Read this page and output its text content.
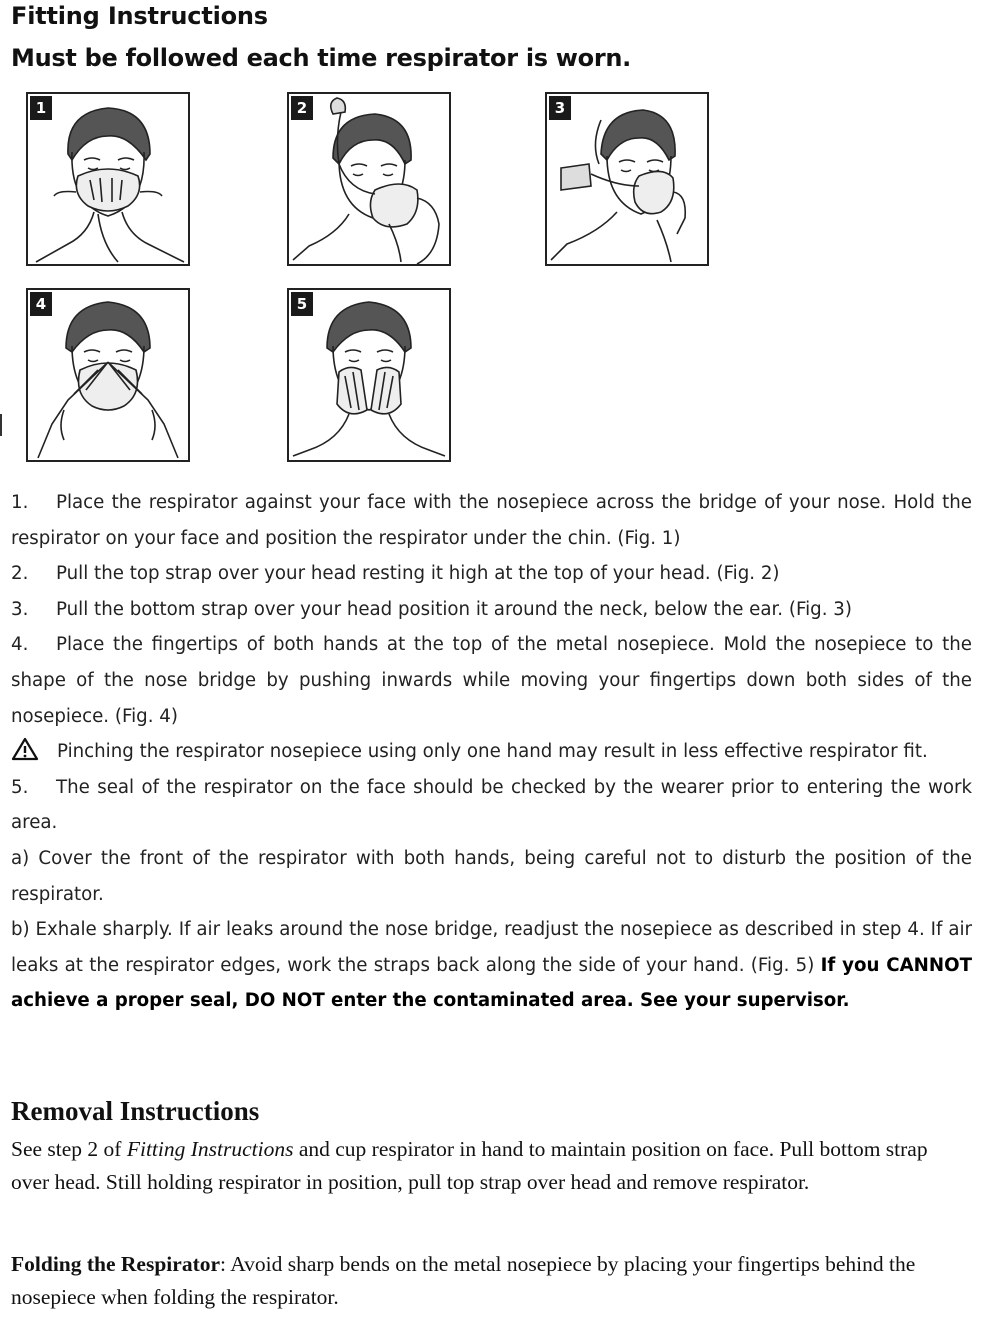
Fitting Instructions
Must be followed each time respirator is worn.
1	2	3
4	5

1. Place the respirator against your face with the nosepiece across the bridge of your nose. Hold the respirator on your face and position the respirator under the chin. (Fig. 1)

2. Pull the top strap over your head resting it high at the top of your head. (Fig. 2)

3. Pull the bottom strap over your head position it around the neck, below the ear. (Fig. 3)

4. Place the fingertips of both hands at the top of the metal nosepiece. Mold the nosepiece to the shape of the nose bridge by pushing inwards while moving your fingertips down both sides of the nosepiece. (Fig. 4)

Pinching the respirator nosepiece using only one hand may result in less effective respirator fit.

5. The seal of the respirator on the face should be checked by the wearer prior to entering the work area.

a) Cover the front of the respirator with both hands, being careful not to disturb the position of the respirator.

b) Exhale sharply. If air leaks around the nose bridge, readjust the nosepiece as described in step 4. If air leaks at the respirator edges, work the straps back along the side of your hand. (Fig. 5) If you CANNOT achieve a proper seal, DO NOT enter the contaminated area. See your supervisor.

Removal Instructions
See step 2 of Fitting Instructions and cup respirator in hand to maintain position on face. Pull bottom strap over head. Still holding respirator in position, pull top strap over head and remove respirator.
Folding the Respirator: Avoid sharp bends on the metal nosepiece by placing your fingertips behind the nosepiece when folding the respirator.
